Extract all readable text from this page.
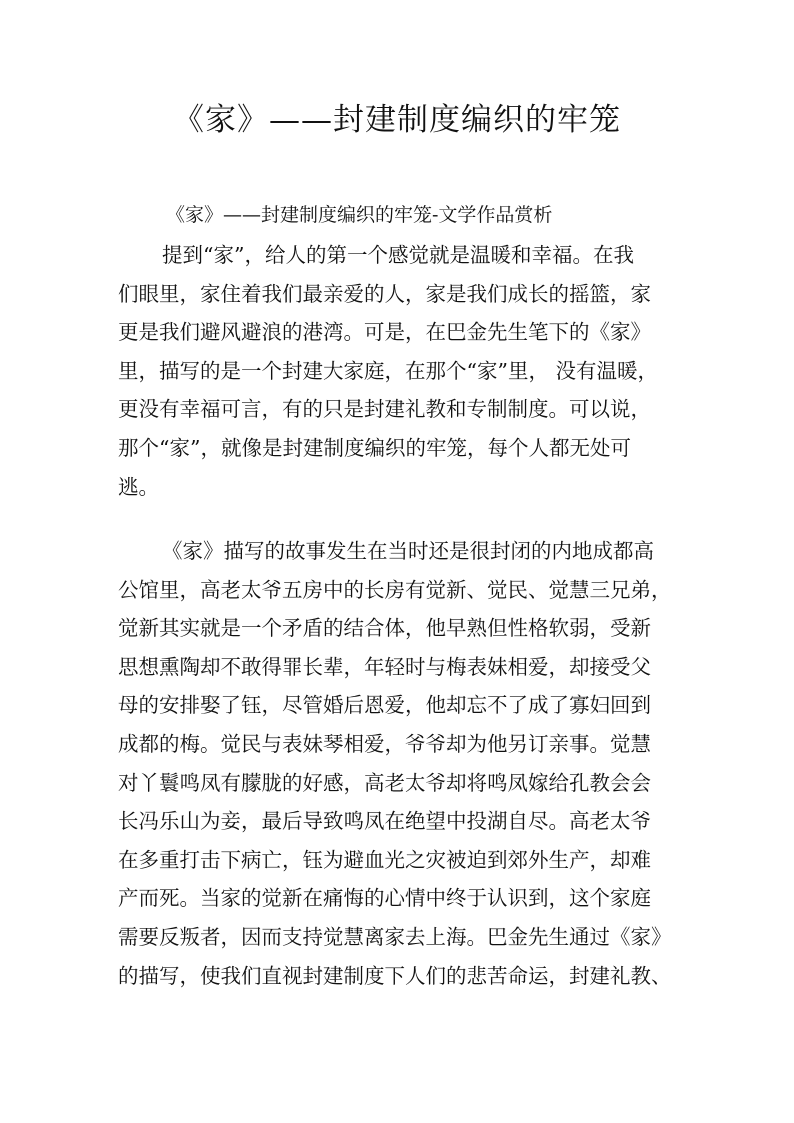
《家》——封建制度编织的牢笼

《家》——封建制度编织的牢笼-文学作品赏析

提到“家”，给人的第一个感觉就是温暖和幸福。在我
们眼里，家住着我们最亲爱的人，家是我们成长的摇篮，家
更是我们避风避浪的港湾。可是，在巴金先生笔下的《家》
里，描写的是一个封建大家庭，在那个“家”里， 没有温暖，
更没有幸福可言，有的只是封建礼教和专制制度。可以说，
那个“家”，就像是封建制度编织的牢笼，每个人都无处可
逃。
《家》描写的故事发生在当时还是很封闭的内地成都高
公馆里，高老太爷五房中的长房有觉新、觉民、觉慧三兄弟，
觉新其实就是一个矛盾的结合体，他早熟但性格软弱，受新
思想熏陶却不敢得罪长辈，年轻时与梅表妹相爱，却接受父
母的安排娶了钰，尽管婚后恩爱，他却忘不了成了寡妇回到
成都的梅。觉民与表妹琴相爱，爷爷却为他另订亲事。觉慧
对丫鬟鸣凤有朦胧的好感，高老太爷却将鸣凤嫁给孔教会会
长冯乐山为妾，最后导致鸣凤在绝望中投湖自尽。高老太爷
在多重打击下病亡，钰为避血光之灾被迫到郊外生产，却难
产而死。当家的觉新在痛悔的心情中终于认识到，这个家庭
需要反叛者，因而支持觉慧离家去上海。巴金先生通过《家》
的描写，使我们直视封建制度下人们的悲苦命运，封建礼教、
